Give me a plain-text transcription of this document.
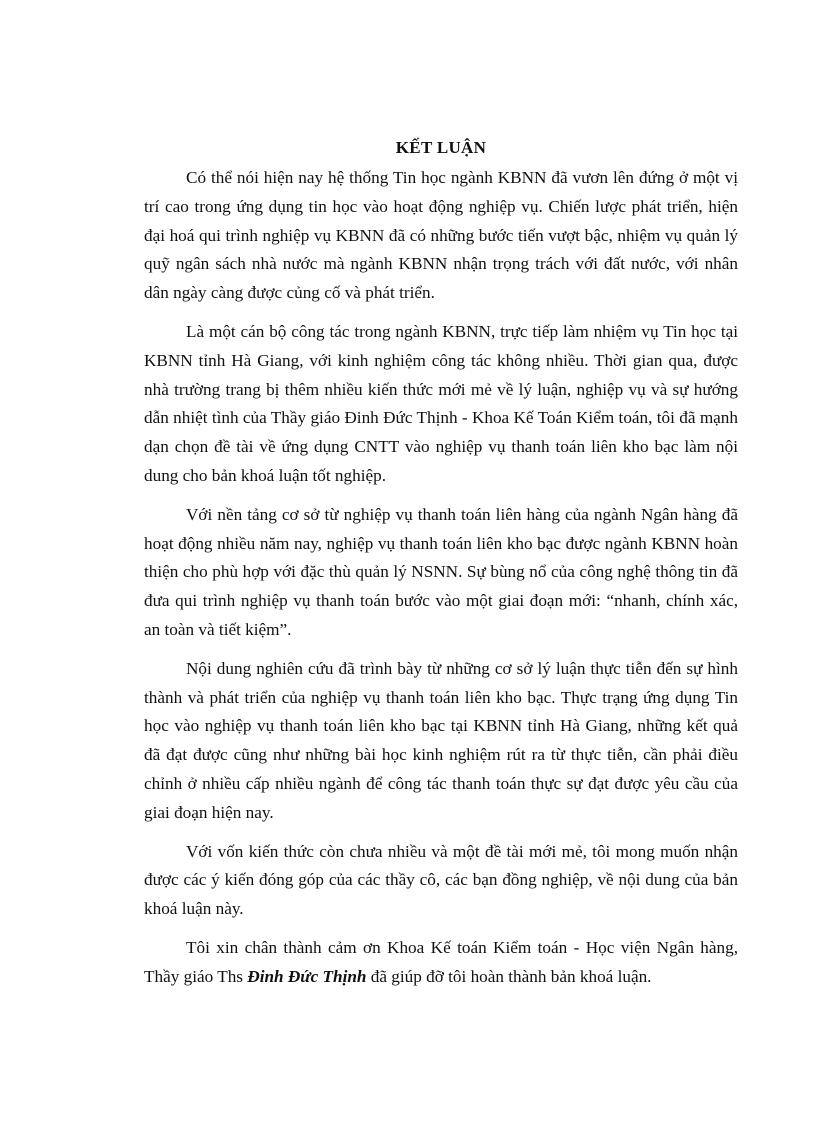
KẾT LUẬN

Có thể nói hiện nay hệ thống Tin học ngành KBNN đã vươn lên đứng ở một vị trí cao trong ứng dụng tin học vào hoạt động nghiệp vụ. Chiến lược phát triển, hiện đại hoá qui trình nghiệp vụ KBNN đã có những bước tiến vượt bậc, nhiệm vụ quản lý quỹ ngân sách nhà nước mà ngành KBNN nhận trọng trách với đất nước, với nhân dân ngày càng được củng cố và phát triển.

Là một cán bộ công tác trong ngành KBNN, trực tiếp làm nhiệm vụ Tin học tại KBNN tỉnh Hà Giang, với kinh nghiệm công tác không nhiều. Thời gian qua, được nhà trường trang bị thêm nhiều kiến thức mới mẻ về lý luận, nghiệp vụ và sự hướng dẫn nhiệt tình của Thầy giáo Đinh Đức Thịnh - Khoa Kế Toán Kiểm toán, tôi đã mạnh dạn chọn đề tài về ứng dụng CNTT vào nghiệp vụ thanh toán liên kho bạc làm nội dung cho bản khoá luận tốt nghiệp.

Với nền tảng cơ sở từ nghiệp vụ thanh toán liên hàng của ngành Ngân hàng đã hoạt động nhiều năm nay, nghiệp vụ thanh toán liên kho bạc được ngành KBNN hoàn thiện cho phù hợp với đặc thù quản lý NSNN. Sự bùng nổ của công nghệ thông tin đã đưa qui trình nghiệp vụ thanh toán bước vào một giai đoạn mới: “nhanh, chính xác, an toàn và tiết kiệm”.

Nội dung nghiên cứu đã trình bày từ những cơ sở lý luận thực tiễn đến sự hình thành và phát triển của nghiệp vụ thanh toán liên kho bạc. Thực trạng ứng dụng Tin học vào nghiệp vụ thanh toán liên kho bạc tại KBNN tỉnh Hà Giang, những kết quả đã đạt được cũng như những bài học kinh nghiệm rút ra từ thực tiễn, cần phải điều chỉnh ở nhiều cấp nhiều ngành để công tác thanh toán thực sự đạt được yêu cầu của giai đoạn hiện nay.

Với vốn kiến thức còn chưa nhiều và một đề tài mới mẻ, tôi mong muốn nhận được các ý kiến đóng góp của các thầy cô, các bạn đồng nghiệp, về nội dung của bản khoá luận này.

Tôi xin chân thành cảm ơn Khoa Kế toán Kiểm toán - Học viện Ngân hàng, Thầy giáo Ths Đinh Đức Thịnh đã giúp đỡ tôi hoàn thành bản khoá luận.
